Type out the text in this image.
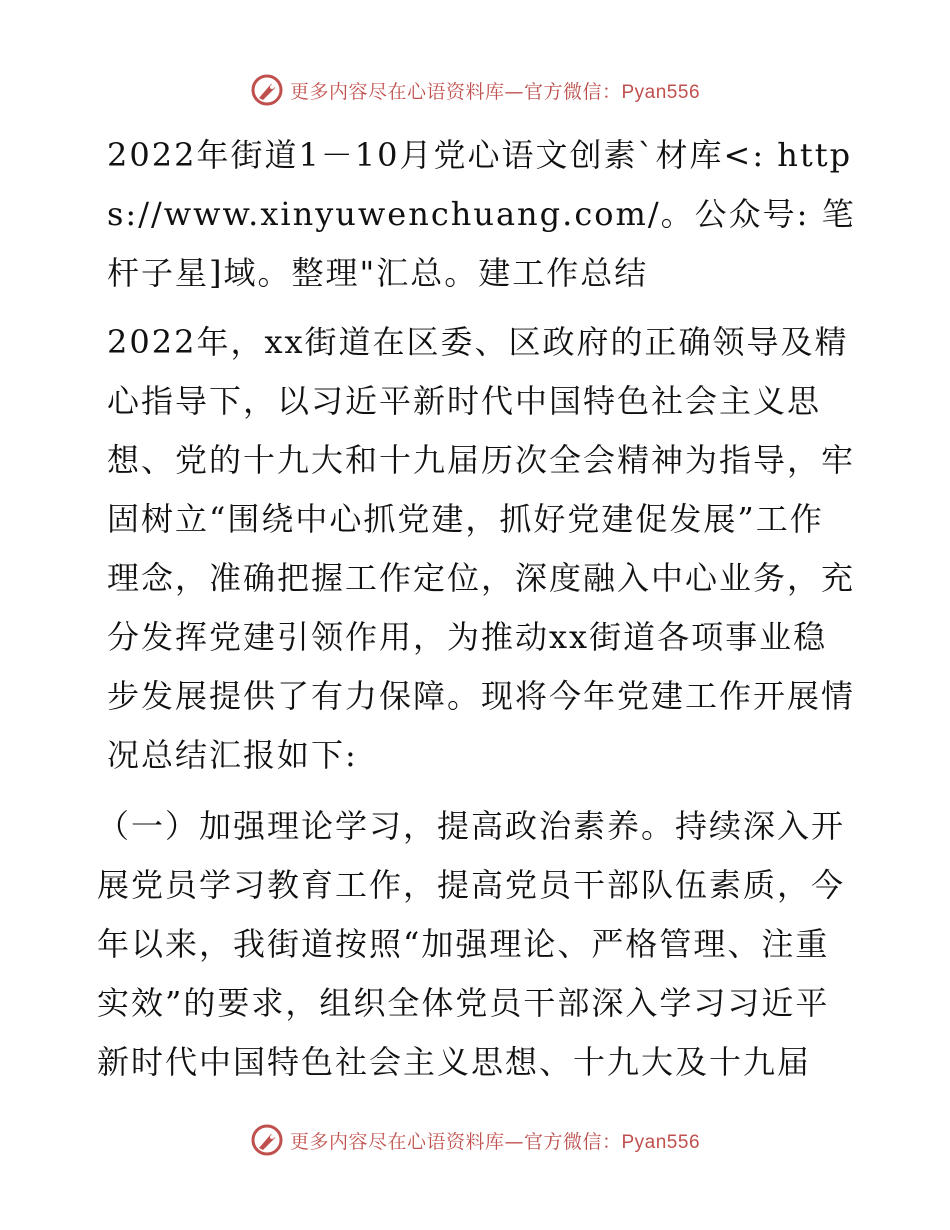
更多内容尽在心语资料库—官方微信：Pyan556

2022年街道1－10月党心语文创素`材库<: https://www.xinyuwenchuang.com/。公众号: 笔杆子星]域。整理"汇总。建工作总结

2022年，xx街道在区委、区政府的正确领导及精心指导下，以习近平新时代中国特色社会主义思想、党的十九大和十九届历次全会精神为指导，牢固树立“围绕中心抓党建，抓好党建促发展”工作理念，准确把握工作定位，深度融入中心业务，充分发挥党建引领作用，为推动xx街道各项事业稳步发展提供了有力保障。现将今年党建工作开展情况总结汇报如下:

（一）加强理论学习，提高政治素养。持续深入开展党员学习教育工作，提高党员干部队伍素质，今年以来，我街道按照“加强理论、严格管理、注重实效”的要求，组织全体党员干部深入学习习近平新时代中国特色社会主义思想、十九大及十九届

更多内容尽在心语资料库—官方微信：Pyan556
